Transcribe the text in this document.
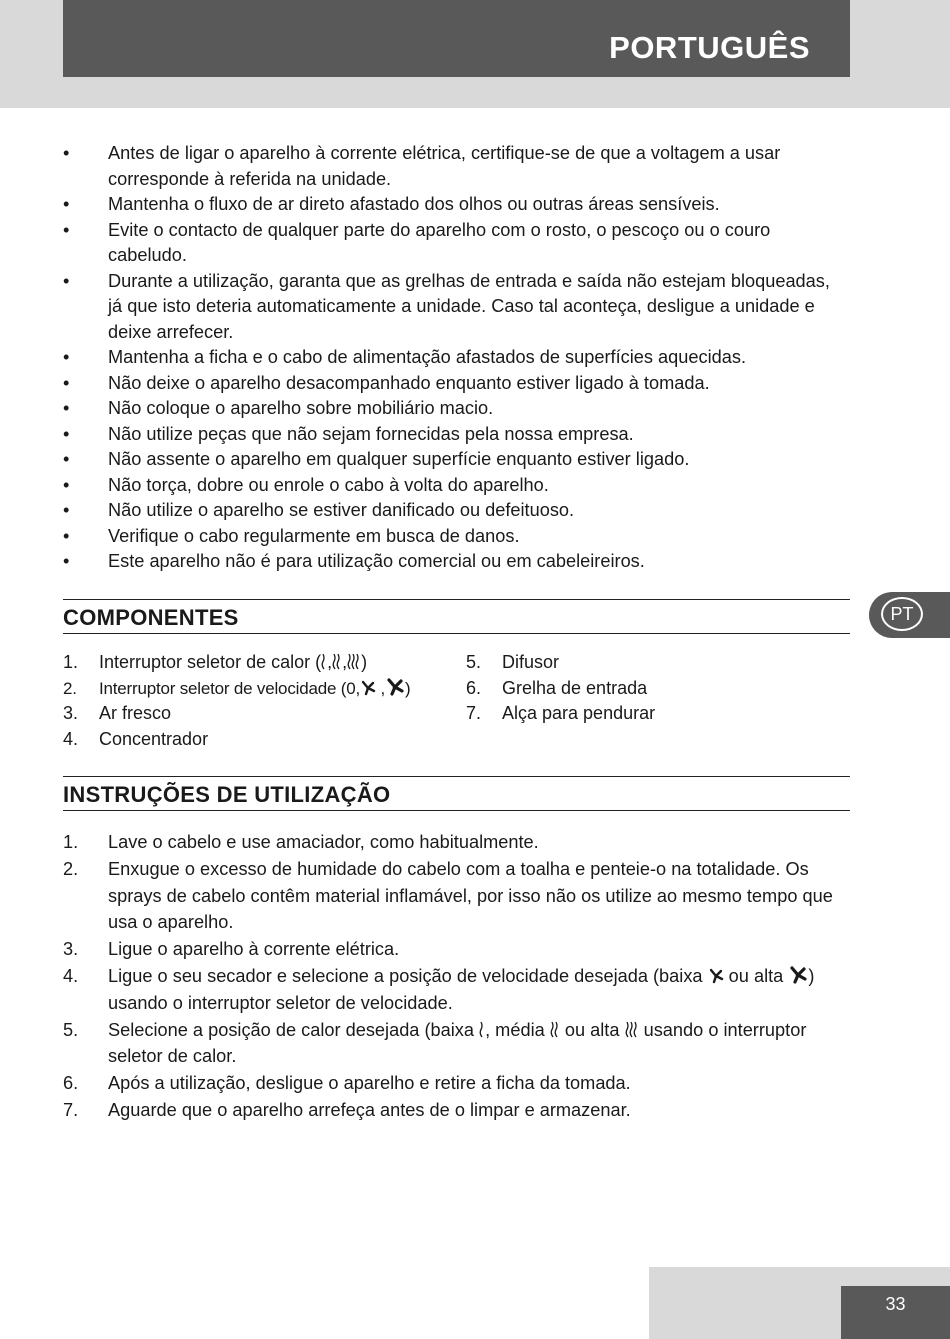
PORTUGUÊS
• Antes de ligar o aparelho à corrente elétrica, certifique-se de que a voltagem a usar corresponde à referida na unidade.
• Mantenha o fluxo de ar direto afastado dos olhos ou outras áreas sensíveis.
• Evite o contacto de qualquer parte do aparelho com o rosto, o pescoço ou o couro cabeludo.
• Durante a utilização, garanta que as grelhas de entrada e saída não estejam bloqueadas, já que isto deteria automaticamente a unidade. Caso tal aconteça, desligue a unidade e deixe arrefecer.
• Mantenha a ficha e o cabo de alimentação afastados de superfícies aquecidas.
• Não deixe o aparelho desacompanhado enquanto estiver ligado à tomada.
• Não coloque o aparelho sobre mobiliário macio.
• Não utilize peças que não sejam fornecidas pela nossa empresa.
• Não assente o aparelho em qualquer superfície enquanto estiver ligado.
• Não torça, dobre ou enrole o cabo à volta do aparelho.
• Não utilize o aparelho se estiver danificado ou defeituoso.
• Verifique o cabo regularmente em busca de danos.
• Este aparelho não é para utilização comercial ou em cabeleireiros.
PT
COMPONENTES
1. Interruptor seletor de calor ( , , )
2. Interruptor seletor de velocidade (0, , )
3. Ar fresco
4. Concentrador
5. Difusor
6. Grelha de entrada
7. Alça para pendurar
INSTRUÇÕES DE UTILIZAÇÃO
1. Lave o cabelo e use amaciador, como habitualmente.
2. Enxugue o excesso de humidade do cabelo com a toalha e penteie-o na totalidade. Os sprays de cabelo contêm material inflamável, por isso não os utilize ao mesmo tempo que usa o aparelho.
3. Ligue o aparelho à corrente elétrica.
4. Ligue o seu secador e selecione a posição de velocidade desejada (baixa ou alta ) usando o interruptor seletor de velocidade.
5. Selecione a posição de calor desejada (baixa , média ou alta usando o interruptor seletor de calor.
6. Após a utilização, desligue o aparelho e retire a ficha da tomada.
7. Aguarde que o aparelho arrefeça antes de o limpar e armazenar.
33
